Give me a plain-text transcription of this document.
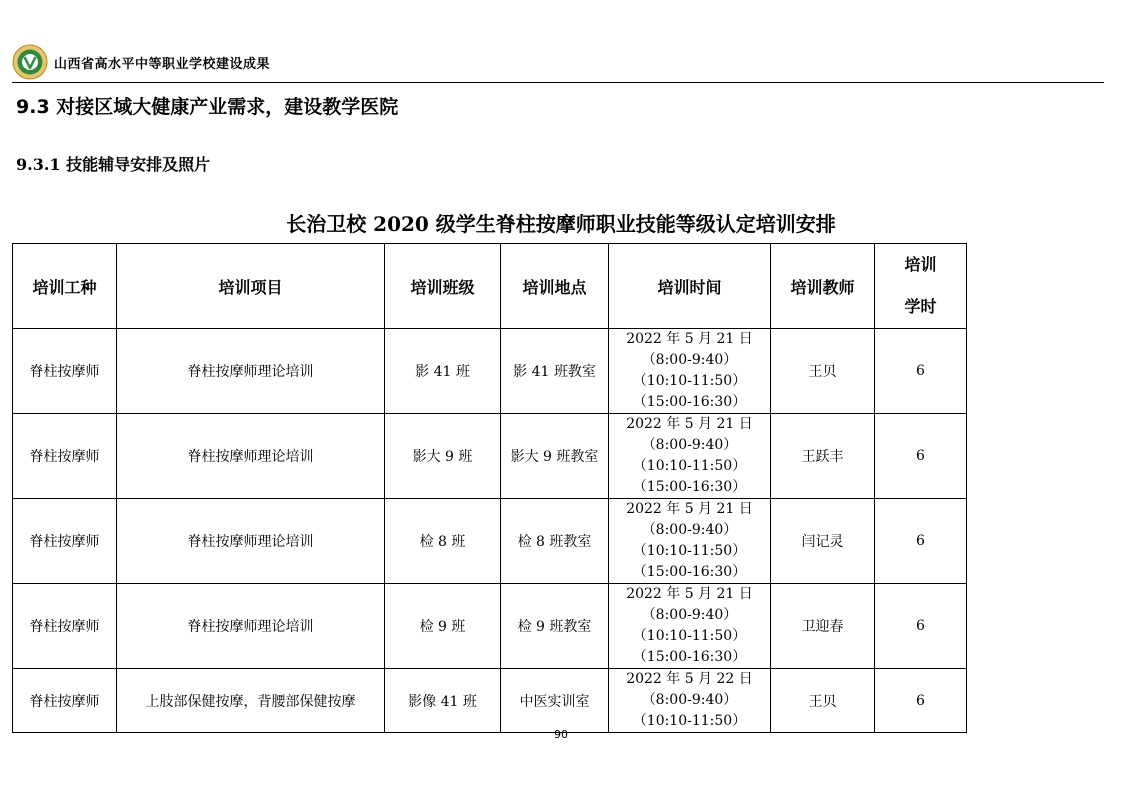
山西省高水平中等职业学校建设成果
9.3 对接区域大健康产业需求，建设教学医院
9.3.1 技能辅导安排及照片
长治卫校 2020 级学生脊柱按摩师职业技能等级认定培训安排
培训工种	培训项目	培训班级	培训地点	培训时间	培训教师	培训
学时

脊柱按摩师	脊柱按摩师理论培训	影 41 班	影 41 班教室	2022 年 5 月 21 日
（8:00-9:40）
（10:10-11:50）
（15:00-16:30）	王贝	6
脊柱按摩师	脊柱按摩师理论培训	影大 9 班	影大 9 班教室	2022 年 5 月 21 日
（8:00-9:40）
（10:10-11:50）
（15:00-16:30）	王跃丰	6
脊柱按摩师	脊柱按摩师理论培训	检 8 班	检 8 班教室	2022 年 5 月 21 日
（8:00-9:40）
（10:10-11:50）
（15:00-16:30）	闫记灵	6
脊柱按摩师	脊柱按摩师理论培训	检 9 班	检 9 班教室	2022 年 5 月 21 日
（8:00-9:40）
（10:10-11:50）
（15:00-16:30）	卫迎春	6
脊柱按摩师	上肢部保健按摩，背腰部保健按摩	影像 41 班	中医实训室	2022 年 5 月 22 日
（8:00-9:40）
（10:10-11:50）	王贝	6
90
